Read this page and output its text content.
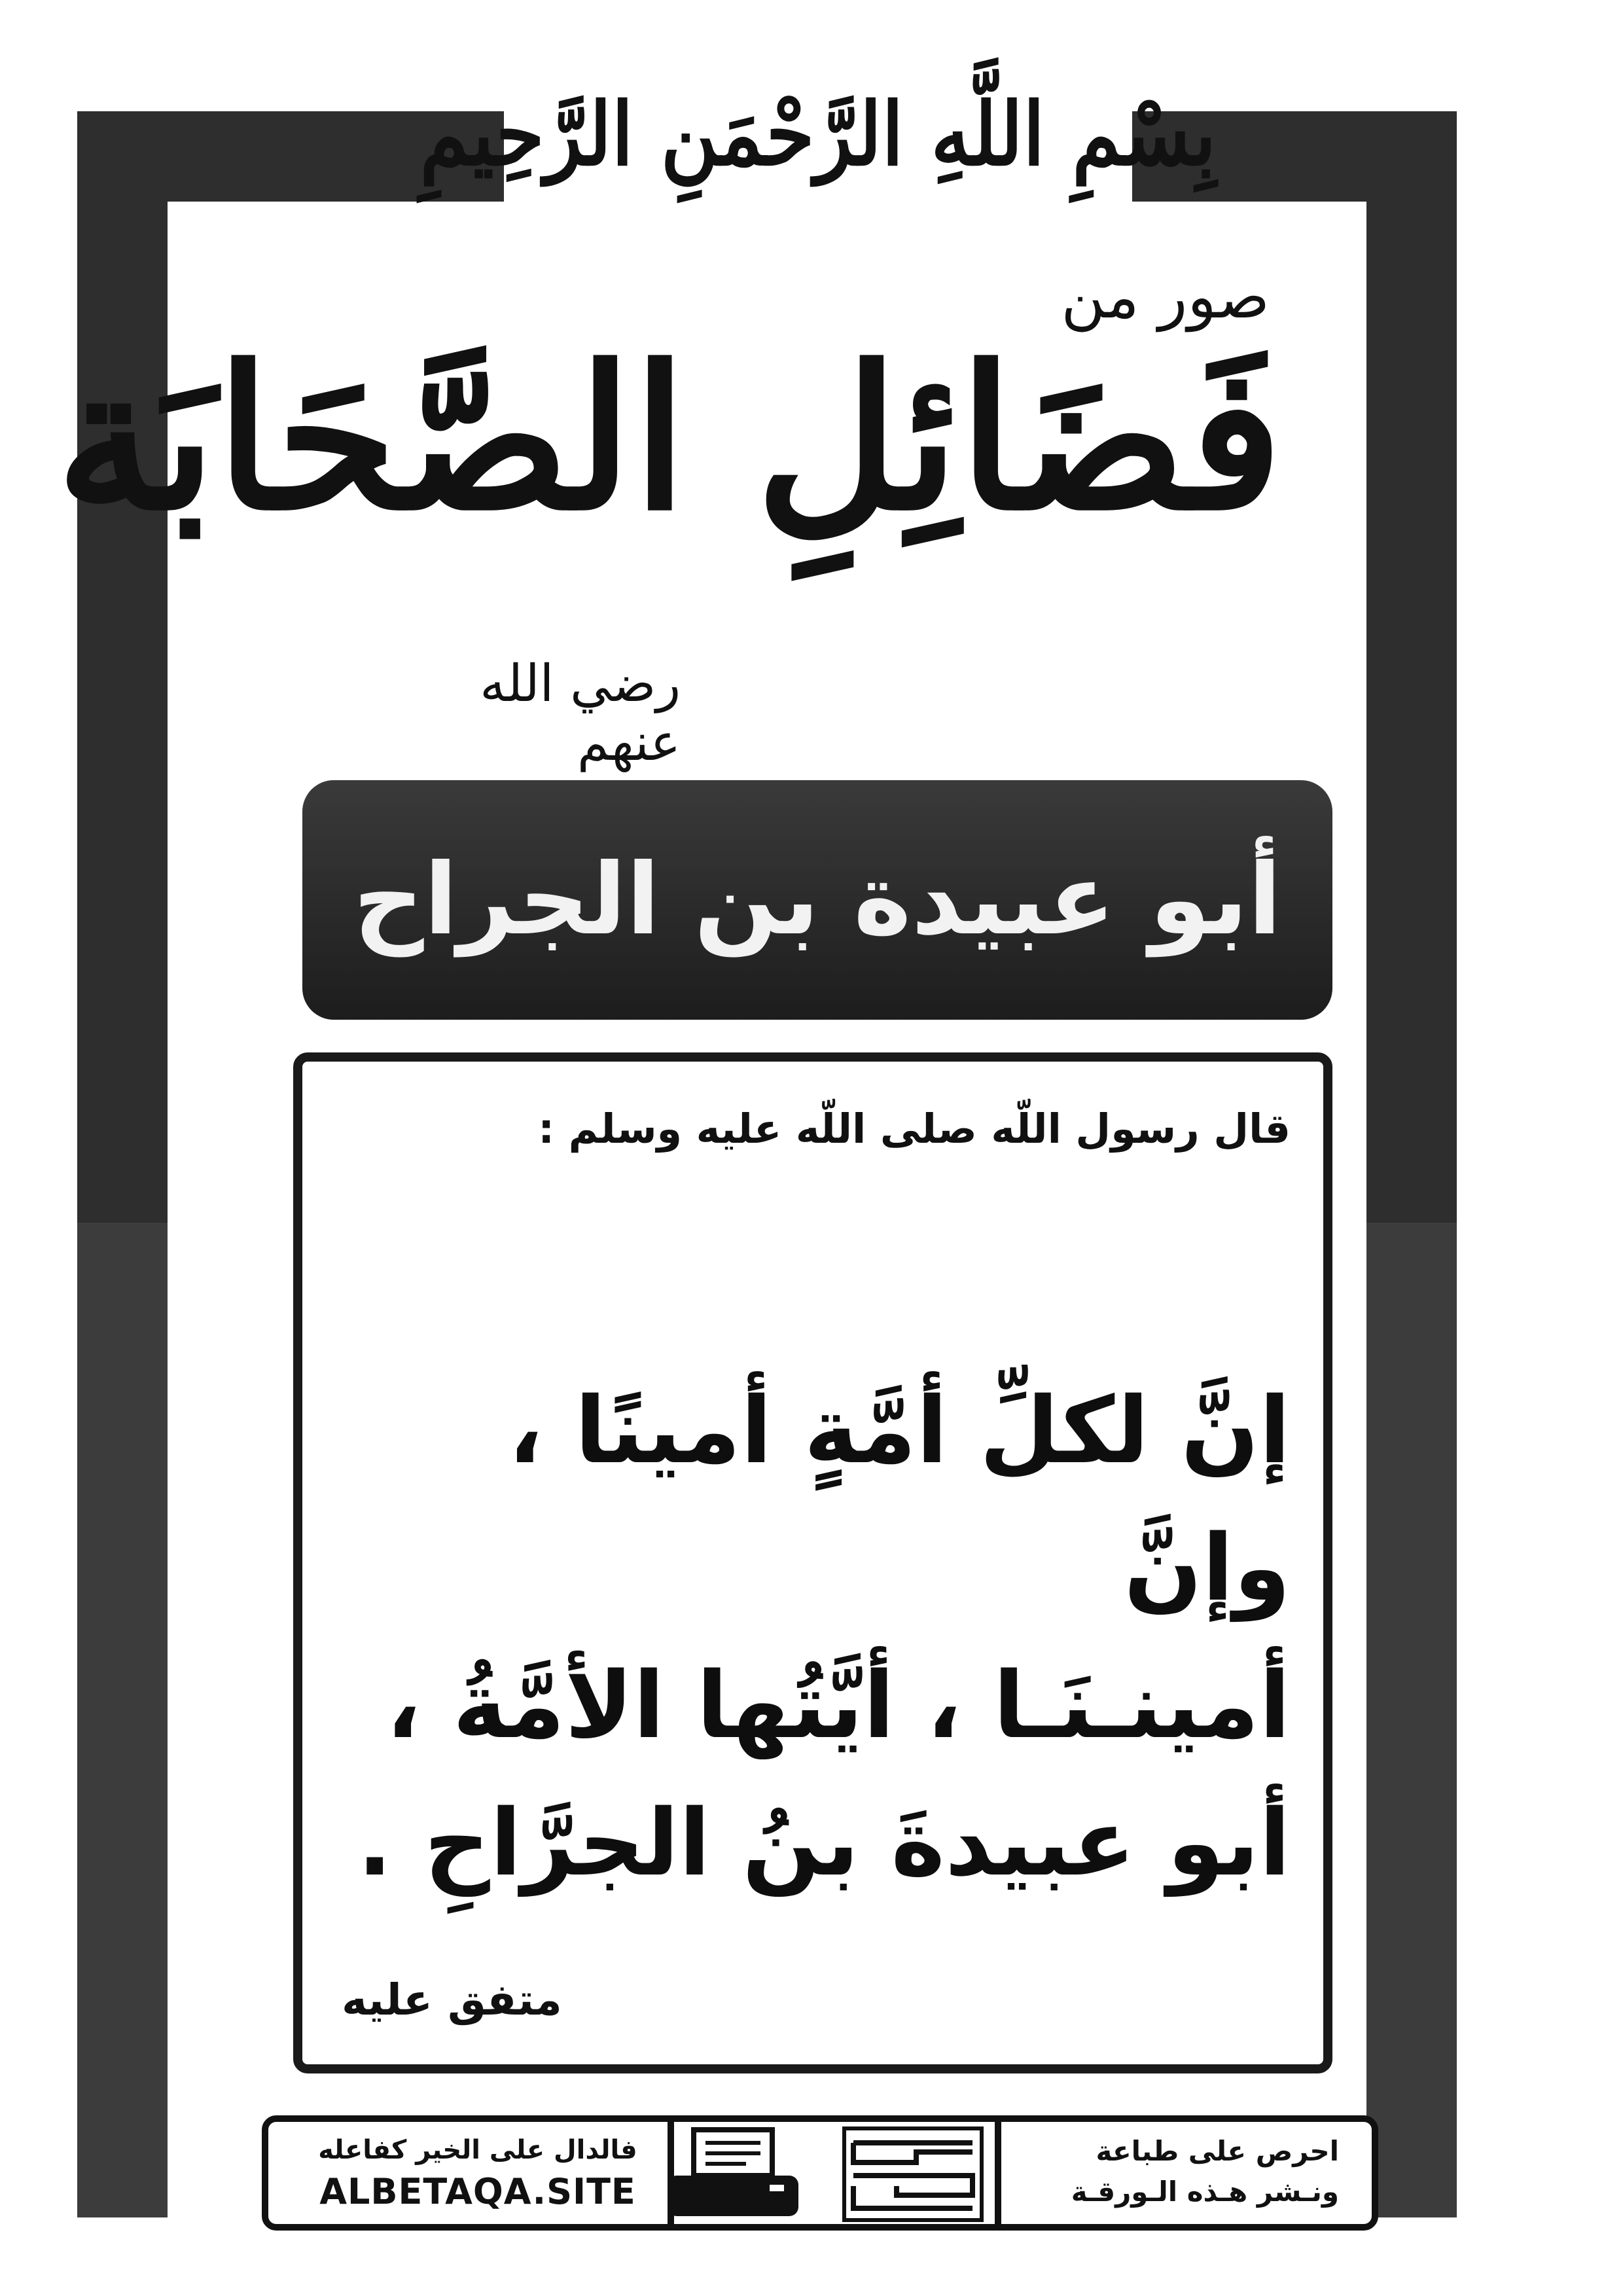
بِسْمِ اللَّهِ الرَّحْمَنِ الرَّحِيمِ
صور من
فَضَائِلِ الصَّحَابَة
رضي الله عنهم
أبو عبيدة بن الجراح
قال رسول اللّه صلى اللّه عليه وسلم :
إنَّ لكلِّ أمَّةٍ أمينًا ، وإنَّ
أمينـنَـا ، أيَّتُها الأمَّةُ ،
أبو عبيدةَ بنُ الجرَّاحِ .
متفق عليه
فالدال على الخير كفاعله
ALBETAQA.SITE
احرص على طباعة
ونـشر هـذه الـورقـة
